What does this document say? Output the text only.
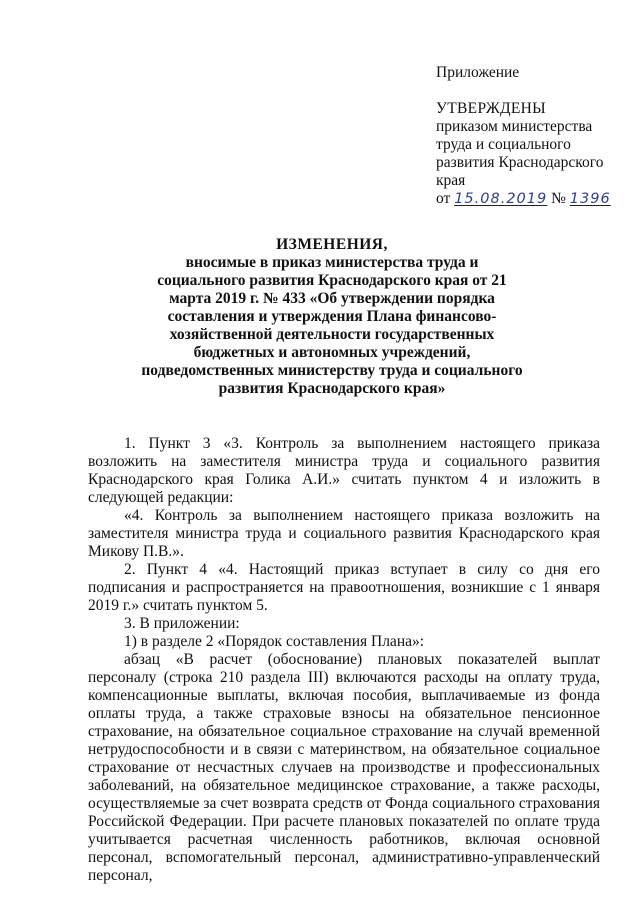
Приложение
УТВЕРЖДЕНЫ
приказом министерства
труда и социального
развития Краснодарского
края
от 15.08.2019 № 1396
ИЗМЕНЕНИЯ,
вносимые в приказ министерства труда и социального развития Краснодарского края от 21 марта 2019 г. № 433 «Об утверждении порядка составления и утверждения Плана финансово-хозяйственной деятельности государственных бюджетных и автономных учреждений, подведомственных министерству труда и социального развития Краснодарского края»

1. Пункт 3 «3. Контроль за выполнением настоящего приказа возложить на заместителя министра труда и социального развития Краснодарского края Голика А.И.» считать пунктом 4 и изложить в следующей редакции:

«4. Контроль за выполнением настоящего приказа возложить на заместителя министра труда и социального развития Краснодарского края Микову П.В.».

2. Пункт 4 «4. Настоящий приказ вступает в силу со дня его подписания и распространяется на правоотношения, возникшие с 1 января 2019 г.» считать пунктом 5.

3. В приложении:

1) в разделе 2 «Порядок составления Плана»:

абзац «В расчет (обоснование) плановых показателей выплат персоналу (строка 210 раздела III) включаются расходы на оплату труда, компенсационные выплаты, включая пособия, выплачиваемые из фонда оплаты труда, а также страховые взносы на обязательное пенсионное страхование, на обязательное социальное страхование на случай временной нетрудоспособности и в связи с материнством, на обязательное социальное страхование от несчастных случаев на производстве и профессиональных заболеваний, на обязательное медицинское страхование, а также расходы, осуществляемые за счет возврата средств от Фонда социального страхования Российской Федерации. При расчете плановых показателей по оплате труда учитывается расчетная численность работников, включая основной персонал, вспомогательный персонал, административно-управленческий персонал,
